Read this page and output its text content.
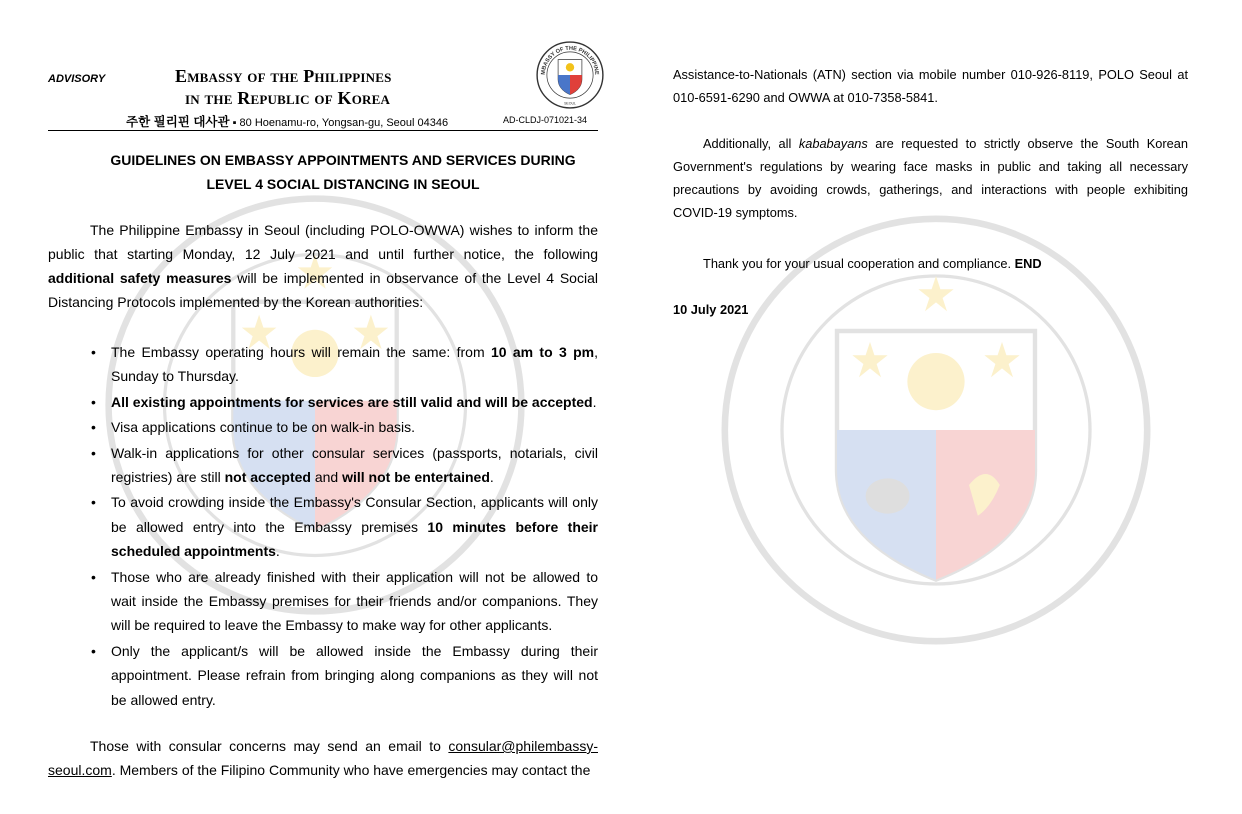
ADVISORY	Embassy of the Philippines
in the Republic of Korea
주한 필리핀 대사관 ▪ 80 Hoenamu-ro, Yongsan-gu, Seoul 04346	AD-CLDJ-071021-34
MBASSY OF THE PHILIPPINE
SEOUL
GUIDELINES ON EMBASSY APPOINTMENTS AND SERVICES DURING
LEVEL 4 SOCIAL DISTANCING IN SEOUL
The Philippine Embassy in Seoul (including POLO-OWWA) wishes to inform the public that starting Monday, 12 July 2021 and until further notice, the following additional safety measures will be implemented in observance of the Level 4 Social Distancing Protocols implemented by the Korean authorities:
• The Embassy operating hours will remain the same: from 10 am to 3 pm, Sunday to Thursday.
• All existing appointments for services are still valid and will be accepted.
• Visa applications continue to be on walk-in basis.
• Walk-in applications for other consular services (passports, notarials, civil registries) are still not accepted and will not be entertained.
• To avoid crowding inside the Embassy's Consular Section, applicants will only be allowed entry into the Embassy premises 10 minutes before their scheduled appointments.
• Those who are already finished with their application will not be allowed to wait inside the Embassy premises for their friends and/or companions. They will be required to leave the Embassy to make way for other applicants.
• Only the applicant/s will be allowed inside the Embassy during their appointment. Please refrain from bringing along companions as they will not be allowed entry.
Those with consular concerns may send an email to consular@philembassy-seoul.com. Members of the Filipino Community who have emergencies may contact the
Assistance-to-Nationals (ATN) section via mobile number 010-926-8119, POLO Seoul at 010-6591-6290 and OWWA at 010-7358-5841.
Additionally, all kababayans are requested to strictly observe the South Korean Government's regulations by wearing face masks in public and taking all necessary precautions by avoiding crowds, gatherings, and interactions with people exhibiting COVID-19 symptoms.
Thank you for your usual cooperation and compliance. END
10 July 2021
